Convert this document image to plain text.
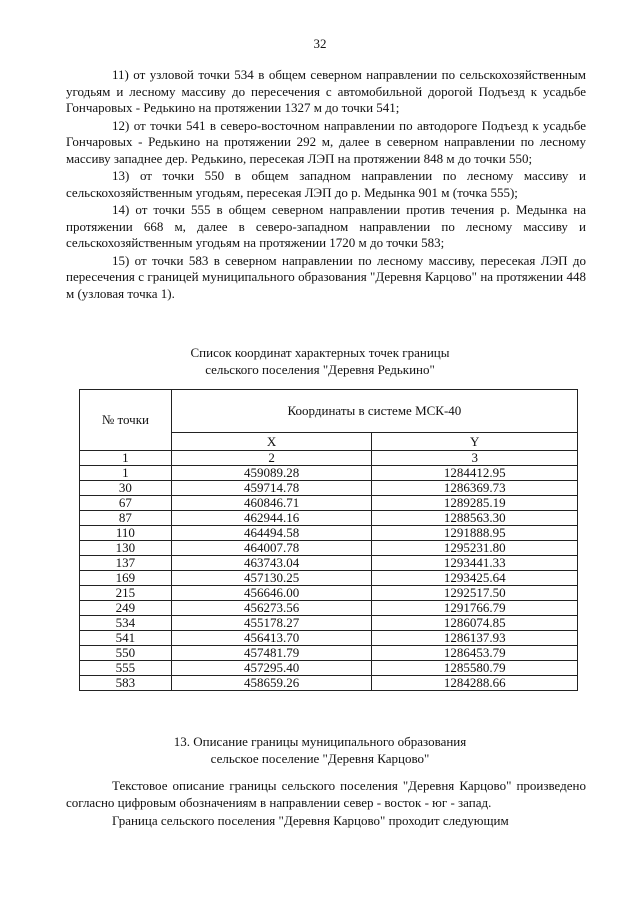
32

11) от узловой точки 534 в общем северном направлении по сельскохозяйственным угодьям и лесному массиву до пересечения с автомобильной дорогой Подъезд к усадьбе Гончаровых - Редькино на протяжении 1327 м до точки 541;

12) от точки 541 в северо-восточном направлении по автодороге Подъезд к усадьбе Гончаровых - Редькино на протяжении 292 м, далее в северном направлении по лесному массиву западнее дер. Редькино, пересекая ЛЭП на протяжении 848 м до точки 550;

13) от точки 550 в общем западном направлении по лесному массиву и сельскохозяйственным угодьям, пересекая ЛЭП до р. Медынка 901 м (точка 555);

14) от точки 555 в общем северном направлении против течения р. Медынка на протяжении 668 м, далее в северо-западном направлении по лесному массиву и сельскохозяйственным угодьям на протяжении 1720 м до точки 583;

15) от точки 583 в северном направлении по лесному массиву, пересекая ЛЭП до пересечения с границей муниципального образования "Деревня Карцово" на протяжении 448 м (узловая точка 1).

Список координат характерных точек границы
сельского поселения "Деревня Редькино"
№ точки	Координаты в системе МСК-40	
	X	Y
1	2	3
1	459089.28	1284412.95
30	459714.78	1286369.73
67	460846.71	1289285.19
87	462944.16	1288563.30
110	464494.58	1291888.95
130	464007.78	1295231.80
137	463743.04	1293441.33
169	457130.25	1293425.64
215	456646.00	1292517.50
249	456273.56	1291766.79
534	455178.27	1286074.85
541	456413.70	1286137.93
550	457481.79	1286453.79
555	457295.40	1285580.79
583	458659.26	1284288.66
13. Описание границы муниципального образования
сельское поселение "Деревня Карцово"

Текстовое описание границы сельского поселения "Деревня Карцово" произведено согласно цифровым обозначениям в направлении север - восток - юг - запад.

Граница сельского поселения "Деревня Карцово" проходит следующим
